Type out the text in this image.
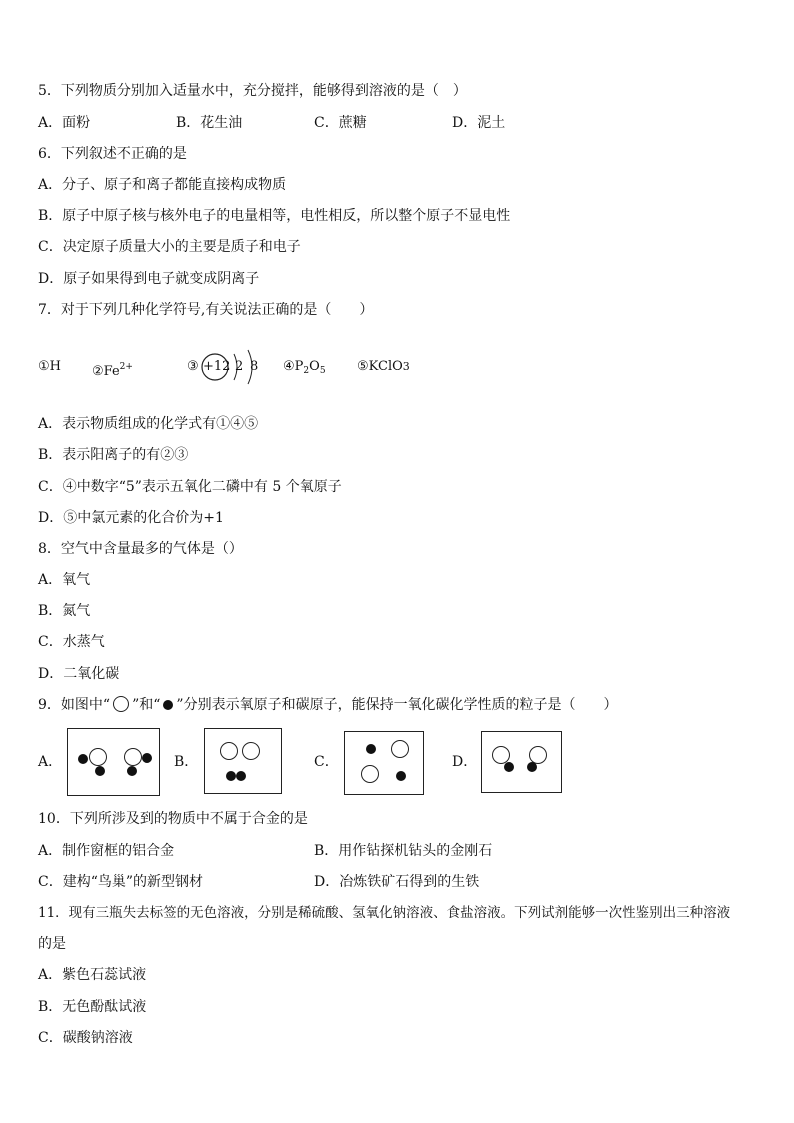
5．下列物质分别加入适量水中，充分搅拌，能够得到溶液的是（　）
A．面粉	B．花生油	C．蔗糖	D．泥土
6．下列叙述不正确的是
A．分子、原子和离子都能直接构成物质
B．原子中原子核与核外电子的电量相等，电性相反，所以整个原子不显电性
C．决定原子质量大小的主要是质子和电子
D．原子如果得到电子就变成阴离子
7．对于下列几种化学符号,有关说法正确的是（　　）
①H $②Fe^{2+}$	③ +12 2 8 $④P_2O_5$ ⑤KClO3
A．表示物质组成的化学式有①④⑤
B．表示阳离子的有②③
C．④中数字“5”表示五氧化二磷中有 5 个氧原子
D．⑤中氯元素的化合价为+1
8．空气中含量最多的气体是（）
A．氧气
B．氮气
C．水蒸气
D．二氧化碳
9．如图中“ ”和“ ”分别表示氧原子和碳原子，能保持一氧化碳化学性质的粒子是（　　）
A．	B．	C．	D．
10．下列所涉及到的物质中不属于合金的是
A．制作窗框的铝合金	B．用作钻探机钻头的金刚石
C．建构“鸟巢”的新型钢材	D．冶炼铁矿石得到的生铁
11．现有三瓶失去标签的无色溶液，分别是稀硫酸、氢氧化钠溶液、食盐溶液。下列试剂能够一次性鉴别出三种溶液
的是
A．紫色石蕊试液
B．无色酚酞试液
C．碳酸钠溶液
